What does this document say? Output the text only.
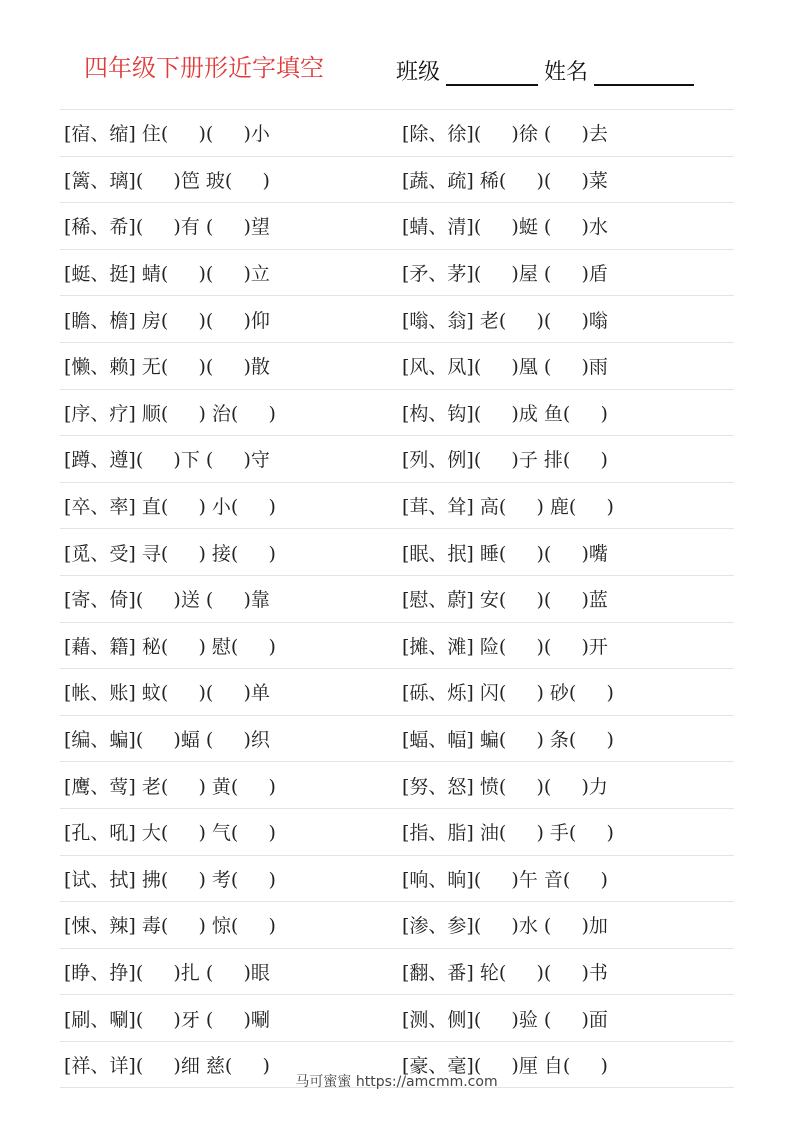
四年级下册形近字填空	班级	姓名
[宿、缩] 住(     )(     )小	[除、徐](     )徐 (     )去
[篱、璃](     )笆 玻(     )	[蔬、疏] 稀(     )(     )菜
[稀、希](     )有 (     )望	[蜻、清](     )蜓 (     )水
[蜓、挺] 蜻(     )(     )立	[矛、茅](     )屋 (     )盾
[瞻、檐] 房(     )(     )仰	[嗡、翁] 老(     )(     )嗡
[懒、赖] 无(     )(     )散	[风、凤](     )凰 (     )雨
[序、疗] 顺(     ) 治(     )	[构、钩](     )成 鱼(     )
[蹲、遵](     )下 (     )守	[列、例](     )子 排(     )
[卒、率] 直(     ) 小(     )	[茸、耸] 高(     ) 鹿(     )
[觅、受] 寻(     ) 接(     )	[眠、抿] 睡(     )(     )嘴
[寄、倚](     )送 (     )靠	[慰、蔚] 安(     )(     )蓝
[藉、籍] 秘(     ) 慰(     )	[摊、滩] 险(     )(     )开
[帐、账] 蚊(     )(     )单	[砾、烁] 闪(     ) 砂(     )
[编、蝙](     )蝠 (     )织	[蝠、幅] 蝙(     ) 条(     )
[鹰、莺] 老(     ) 黄(     )	[努、怒] 愤(     )(     )力
[孔、吼] 大(     ) 气(     )	[指、脂] 油(     ) 手(     )
[试、拭] 拂(     ) 考(     )	[响、晌](     )午 音(     )
[悚、辣] 毒(     ) 惊(     )	[渗、参](     )水 (     )加
[睁、挣](     )扎 (     )眼	[翻、番] 轮(     )(     )书
[刷、唰](     )牙 (     )唰	[测、侧](     )验 (     )面
[祥、详](     )细 慈(     )	[豪、毫](     )厘 自(     )
马可蜜蜜 https://amcmm.com
